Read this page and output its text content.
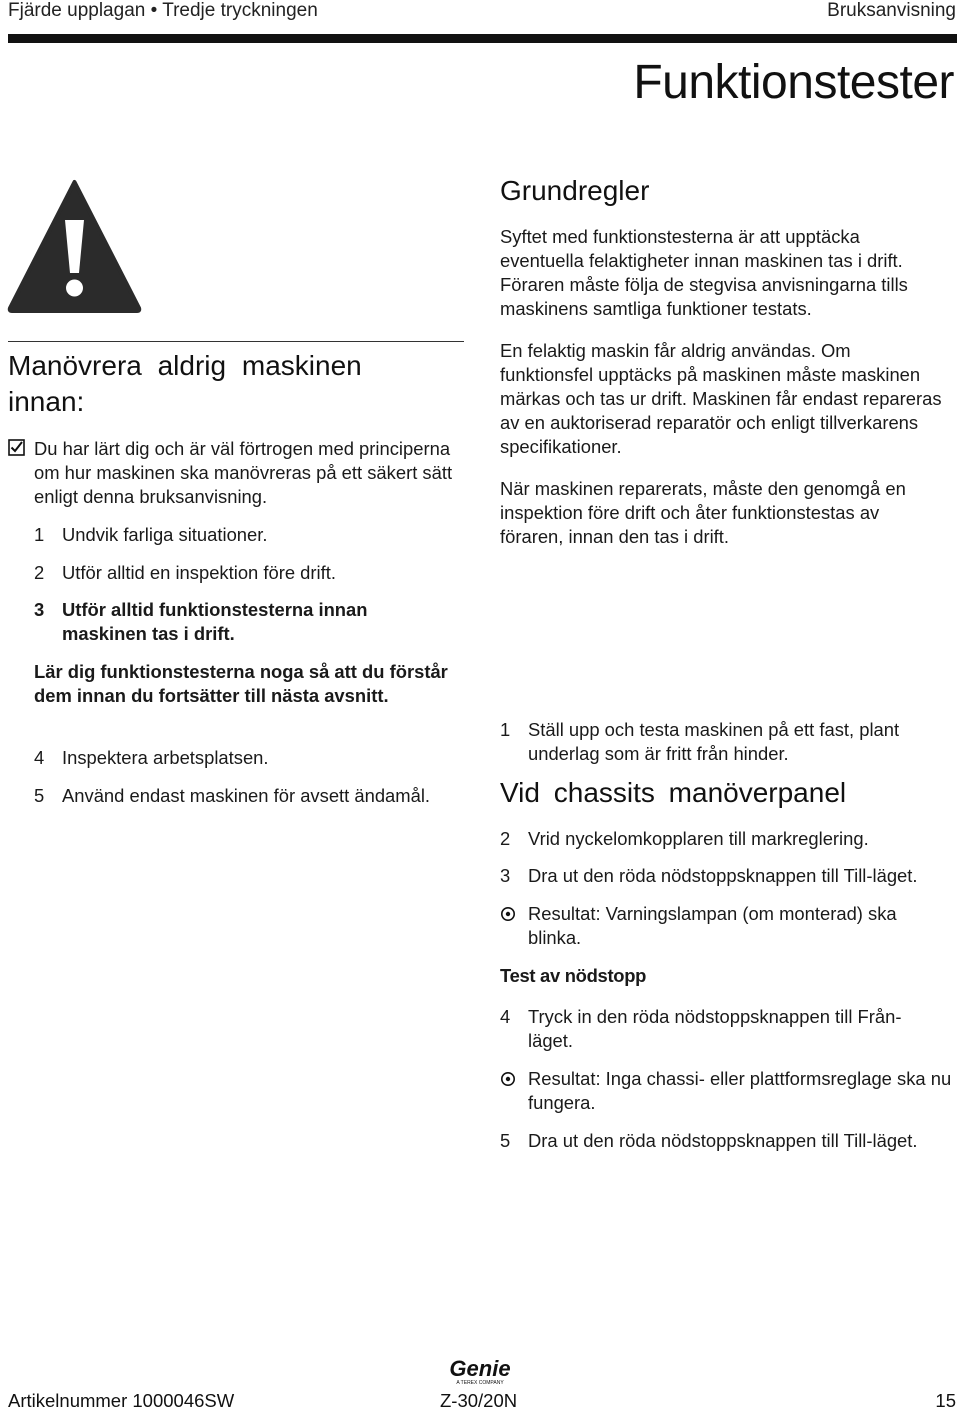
Fjärde upplagan • Tredje tryckningen	Bruksanvisning
Funktionstester
Manövrera aldrig maskinen innan:
Du har lärt dig och är väl förtrogen med principerna om hur maskinen ska manövreras på ett säkert sätt enligt denna bruksanvisning.
1 Undvik farliga situationer.
2 Utför alltid en inspektion före drift.
3 Utför alltid funktionstesterna innan maskinen tas i drift.
Lär dig funktionstesterna noga så att du förstår dem innan du fortsätter till nästa avsnitt.
4 Inspektera arbetsplatsen.
5 Använd endast maskinen för avsett ändamål.
Grundregler
Syftet med funktionstesterna är att upptäcka eventuella felaktigheter innan maskinen tas i drift. Föraren måste följa de stegvisa anvisningarna tills maskinens samtliga funktioner testats.
En felaktig maskin får aldrig användas. Om funktionsfel upptäcks på maskinen måste maskinen märkas och tas ur drift. Maskinen får endast repareras av en auktoriserad reparatör och enligt tillverkarens specifikationer.
När maskinen reparerats, måste den genomgå en inspektion före drift och åter funktionstestas av föraren, innan den tas i drift.
1 Ställ upp och testa maskinen på ett fast, plant underlag som är fritt från hinder.
Vid chassits manöverpanel
2 Vrid nyckelomkopplaren till markreglering.
3 Dra ut den röda nödstoppsknappen till Till-läget.
Resultat: Varningslampan (om monterad) ska blinka.
Test av nödstopp
4 Tryck in den röda nödstoppsknappen till Från-läget.
Resultat: Inga chassi- eller plattformsreglage ska nu fungera.
5 Dra ut den röda nödstoppsknappen till Till-läget.
Genie
A TEREX COMPANY
Artikelnummer 1000046SW	Z-30/20N	15
